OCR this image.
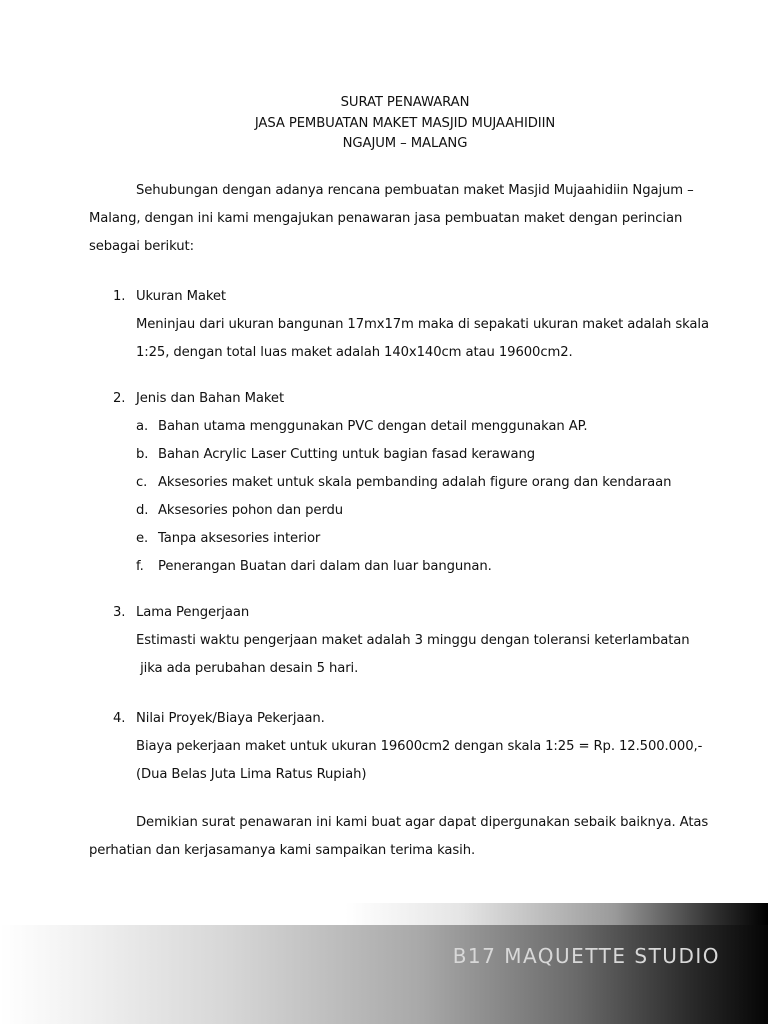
SURAT PENAWARAN
JASA PEMBUATAN MAKET MASJID MUJAAHIDIIN
NGAJUM – MALANG
Sehubungan dengan adanya rencana pembuatan maket Masjid Mujaahidiin Ngajum –
Malang, dengan ini kami mengajukan penawaran jasa pembuatan maket dengan perincian
sebagai berikut:
1. Ukuran Maket
Meninjau dari ukuran bangunan 17mx17m maka di sepakati ukuran maket adalah skala
1:25, dengan total luas maket adalah 140x140cm atau 19600cm2.
2. Jenis dan Bahan Maket
a. Bahan utama menggunakan PVC dengan detail menggunakan AP.
b. Bahan Acrylic Laser Cutting untuk bagian fasad kerawang
c. Aksesories maket untuk skala pembanding adalah figure orang dan kendaraan
d. Aksesories pohon dan perdu
e. Tanpa aksesories interior
f. Penerangan Buatan dari dalam dan luar bangunan.
3. Lama Pengerjaan
Estimasti waktu pengerjaan maket adalah 3 minggu dengan toleransi keterlambatan
jika ada perubahan desain 5 hari.
4. Nilai Proyek/Biaya Pekerjaan.
Biaya pekerjaan maket untuk ukuran 19600cm2 dengan skala 1:25 = Rp. 12.500.000,-
(Dua Belas Juta Lima Ratus Rupiah)
Demikian surat penawaran ini kami buat agar dapat dipergunakan sebaik baiknya. Atas
perhatian dan kerjasamanya kami sampaikan terima kasih.
B17 MAQUETTE STUDIO
